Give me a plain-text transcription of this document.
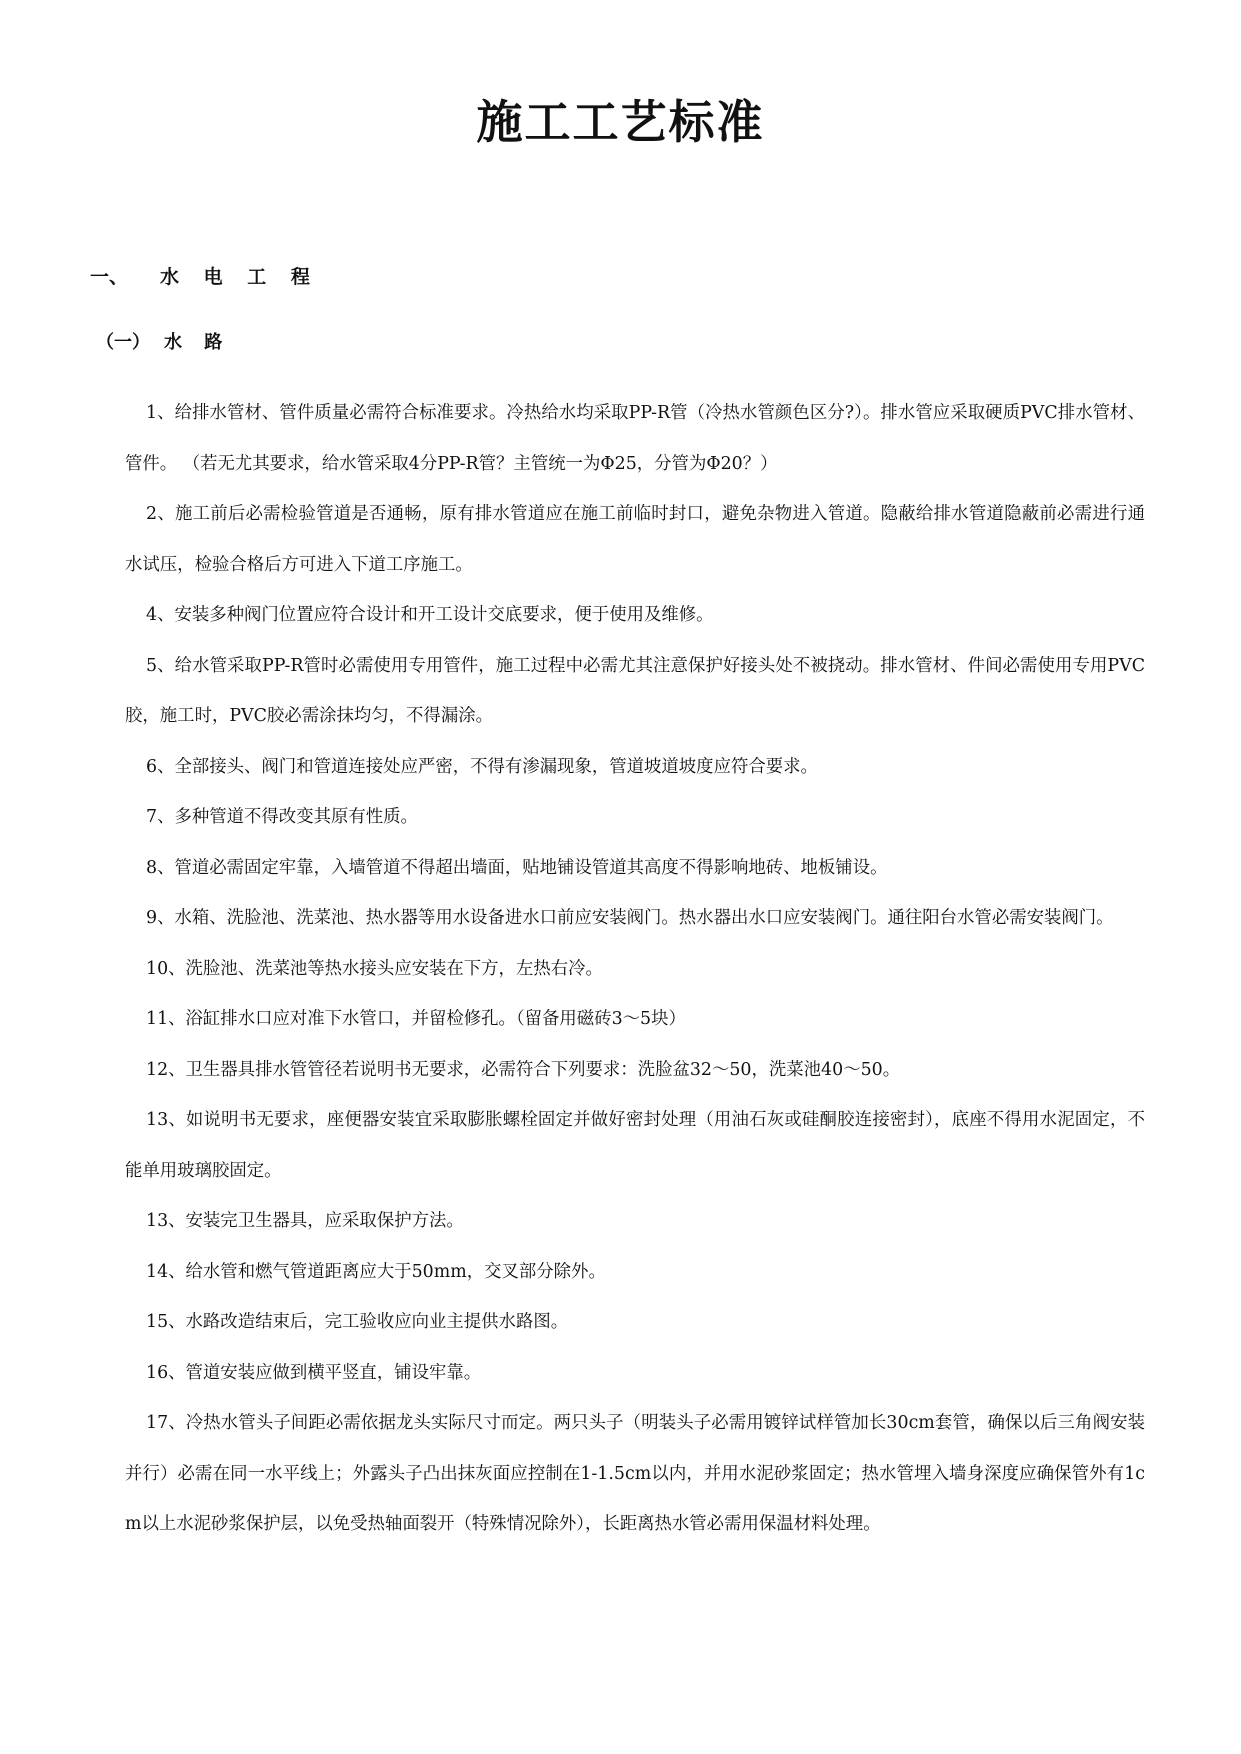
施工工艺标准
一、 水 电 工 程
（一） 水 路

1、给排水管材、管件质量必需符合标准要求。冷热给水均采取PP-R管（冷热水管颜色区分?）。排水管应采取硬质PVC排水管材、管件。 （若无尤其要求，给水管采取4分PP-R管？主管统一为Φ25，分管为Φ20？）

2、施工前后必需检验管道是否通畅，原有排水管道应在施工前临时封口，避免杂物进入管道。隐蔽给排水管道隐蔽前必需进行通水试压，检验合格后方可进入下道工序施工。

4、安装多种阀门位置应符合设计和开工设计交底要求，便于使用及维修。

5、给水管采取PP-R管时必需使用专用管件，施工过程中必需尤其注意保护好接头处不被挠动。排水管材、件间必需使用专用PVC胶，施工时，PVC胶必需涂抹均匀，不得漏涂。

6、全部接头、阀门和管道连接处应严密，不得有渗漏现象，管道坡道坡度应符合要求。

7、多种管道不得改变其原有性质。

8、管道必需固定牢靠，入墙管道不得超出墙面，贴地铺设管道其高度不得影响地砖、地板铺设。

9、水箱、洗脸池、洗菜池、热水器等用水设备进水口前应安装阀门。热水器出水口应安装阀门。通往阳台水管必需安装阀门。

10、洗脸池、洗菜池等热水接头应安装在下方，左热右冷。

11、浴缸排水口应对准下水管口，并留检修孔。（留备用磁砖3～5块）

12、卫生器具排水管管径若说明书无要求，必需符合下列要求：洗脸盆32～50，洗菜池40～50。

13、如说明书无要求，座便器安装宜采取膨胀螺栓固定并做好密封处理（用油石灰或硅酮胶连接密封），底座不得用水泥固定，不能单用玻璃胶固定。

13、安装完卫生器具，应采取保护方法。

14、给水管和燃气管道距离应大于50mm，交叉部分除外。

15、水路改造结束后，完工验收应向业主提供水路图。

16、管道安装应做到横平竖直，铺设牢靠。

17、冷热水管头子间距必需依据龙头实际尺寸而定。两只头子（明装头子必需用镀锌试样管加长30cm套管，确保以后三角阀安装并行）必需在同一水平线上；外露头子凸出抹灰面应控制在1-1.5cm以内，并用水泥砂浆固定；热水管埋入墙身深度应确保管外有1cm以上水泥砂浆保护层，以免受热轴面裂开（特殊情况除外），长距离热水管必需用保温材料处理。
